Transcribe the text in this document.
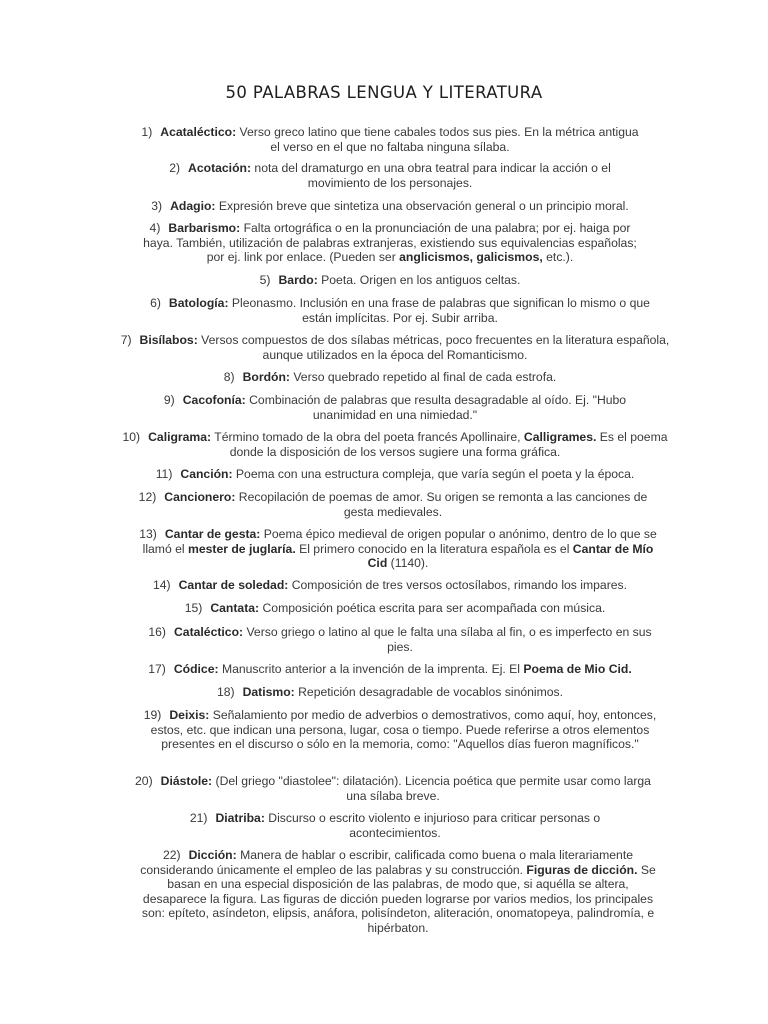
50 PALABRAS LENGUA Y LITERATURA
1) Acataléctico: Verso greco latino que tiene cabales todos sus pies. En la métrica antigua el verso en el que no faltaba ninguna sílaba.
2) Acotación: nota del dramaturgo en una obra teatral para indicar la acción o el movimiento de los personajes.
3) Adagio: Expresión breve que sintetiza una observación general o un principio moral.
4) Barbarismo: Falta ortográfica o en la pronunciación de una palabra; por ej. haiga por haya. También, utilización de palabras extranjeras, existiendo sus equivalencias españolas; por ej. link por enlace. (Pueden ser anglicismos, galicismos, etc.).
5) Bardo: Poeta. Origen en los antiguos celtas.
6) Batología: Pleonasmo. Inclusión en una frase de palabras que significan lo mismo o que están implícitas. Por ej. Subir arriba.
7) Bisílabos: Versos compuestos de dos sílabas métricas, poco frecuentes en la literatura española, aunque utilizados en la época del Romanticismo.
8) Bordón: Verso quebrado repetido al final de cada estrofa.
9) Cacofonía: Combinación de palabras que resulta desagradable al oído. Ej. "Hubo unanimidad en una nimiedad."
10) Caligrama: Término tomado de la obra del poeta francés Apollinaire, Calligrames. Es el poema donde la disposición de los versos sugiere una forma gráfica.
11) Canción: Poema con una estructura compleja, que varía según el poeta y la época.
12) Cancionero: Recopilación de poemas de amor. Su origen se remonta a las canciones de gesta medievales.
13) Cantar de gesta: Poema épico medieval de origen popular o anónimo, dentro de lo que se llamó el mester de juglaría. El primero conocido en la literatura española es el Cantar de Mío Cid (1140).
14) Cantar de soledad: Composición de tres versos octosílabos, rimando los impares.
15) Cantata: Composición poética escrita para ser acompañada con música.
16) Cataléctico: Verso griego o latino al que le falta una sílaba al fin, o es imperfecto en sus pies.
17) Códice: Manuscrito anterior a la invención de la imprenta. Ej. El Poema de Mio Cid.
18) Datismo: Repetición desagradable de vocablos sinónimos.
19) Deixis: Señalamiento por medio de adverbios o demostrativos, como aquí, hoy, entonces, estos, etc. que indican una persona, lugar, cosa o tiempo. Puede referirse a otros elementos presentes en el discurso o sólo en la memoria, como: "Aquellos días fueron magníficos."
20) Diástole: (Del griego "diastolee": dilatación). Licencia poética que permite usar como larga una sílaba breve.
21) Diatriba: Discurso o escrito violento e injurioso para criticar personas o acontecimientos.
22) Dicción: Manera de hablar o escribir, calificada como buena o mala literariamente considerando únicamente el empleo de las palabras y su construcción. Figuras de dicción. Se basan en una especial disposición de las palabras, de modo que, si aquélla se altera, desaparece la figura. Las figuras de dicción pueden lograrse por varios medios, los principales son: epíteto, asíndeton, elipsis, anáfora, polisíndeton, aliteración, onomatopeya, palindromía, e hipérbaton.
